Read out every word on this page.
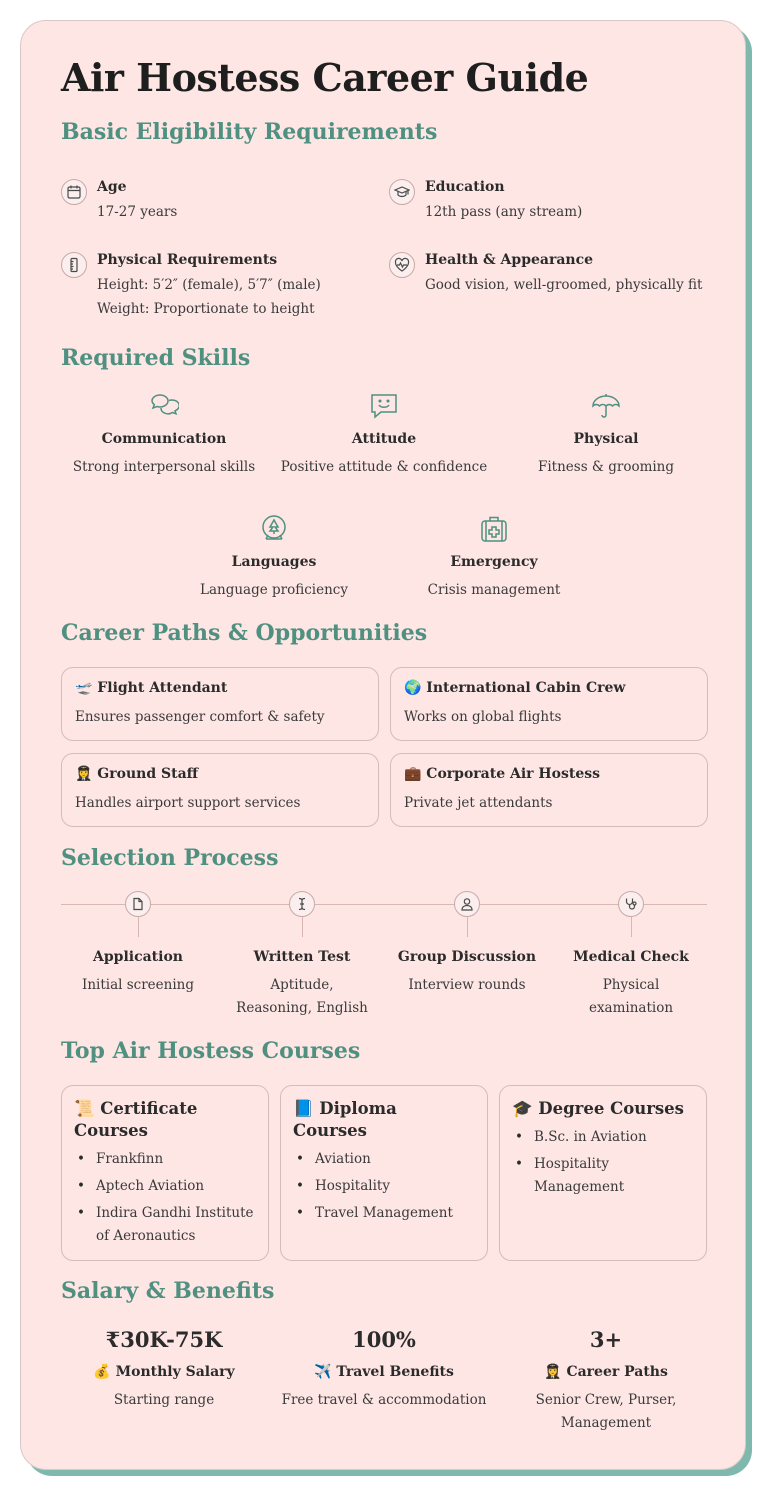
Air Hostess Career Guide
Basic Eligibility Requirements
Age
17-27 years
Education
12th pass (any stream)
Physical Requirements
Height: 5′2″ (female), 5′7″ (male)
Weight: Proportionate to height
Health & Appearance
Good vision, well-groomed, physically fit
Required Skills
Communication
Strong interpersonal skills
Attitude
Positive attitude & confidence
Physical
Fitness & grooming
Languages
Language proficiency
Emergency
Crisis management
Career Paths & Opportunities
🛫 Flight Attendant
Ensures passenger comfort & safety
🌍 International Cabin Crew
Works on global flights
👩‍✈️ Ground Staff
Handles airport support services
💼 Corporate Air Hostess
Private jet attendants
Selection Process
Application
Initial screening
Written Test
Aptitude, Reasoning, English
Group Discussion
Interview rounds
Medical Check
Physical examination
Top Air Hostess Courses
📜 Certificate Courses
• Frankfinn
• Aptech Aviation
• Indira Gandhi Institute of Aeronautics
📘 Diploma Courses
• Aviation
• Hospitality
• Travel Management
🎓 Degree Courses
• B.Sc. in Aviation
• Hospitality Management
Salary & Benefits
₹30K-75K
💰 Monthly Salary
Starting range
100%
✈️ Travel Benefits
Free travel & accommodation
3+
👩‍✈️ Career Paths
Senior Crew, Purser, Management
